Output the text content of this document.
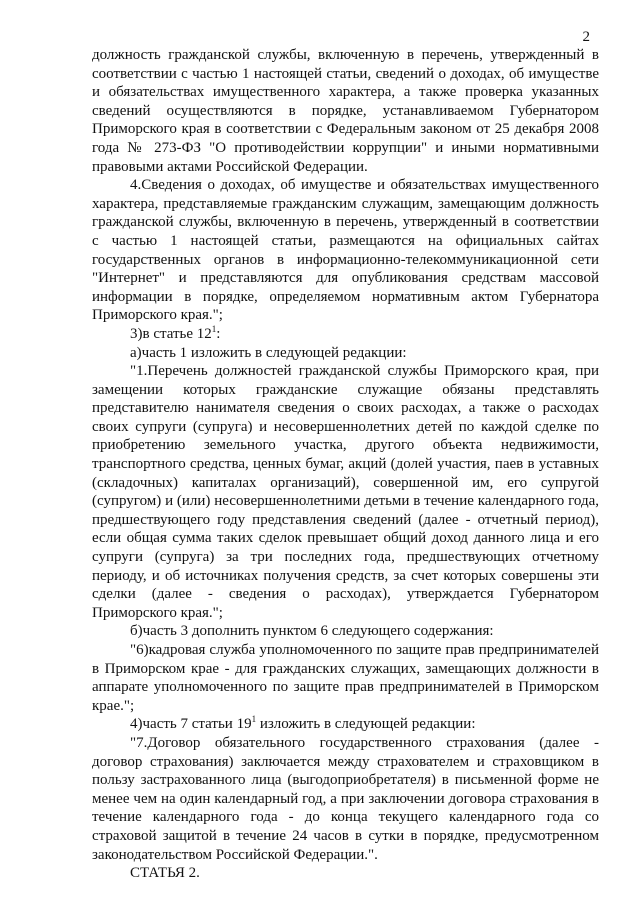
2

должность гражданской службы, включенную в перечень, утвержденный в соответствии с частью 1 настоящей статьи, сведений о доходах, об имуществе и обязательствах имущественного характера, а также проверка указанных сведений осуществляются в порядке, устанавливаемом Губернатором Приморского края в соответствии с Федеральным законом от 25 декабря 2008 года № 273-ФЗ "О противодействии коррупции" и иными нормативными правовыми актами Российской Федерации.

4.Сведения о доходах, об имуществе и обязательствах имущественного характера, представляемые гражданским служащим, замещающим должность гражданской службы, включенную в перечень, утвержденный в соответствии с частью 1 настоящей статьи, размещаются на официальных сайтах государственных органов в информационно-телекоммуникационной сети "Интернет" и представляются для опубликования средствам массовой информации в порядке, определяемом нормативным актом Губернатора Приморского края.";

3)в статье $12^1$:

а)часть 1 изложить в следующей редакции:

"1.Перечень должностей гражданской службы Приморского края, при замещении которых гражданские служащие обязаны представлять представителю нанимателя сведения о своих расходах, а также о расходах своих супруги (супруга) и несовершеннолетних детей по каждой сделке по приобретению земельного участка, другого объекта недвижимости, транспортного средства, ценных бумаг, акций (долей участия, паев в уставных (складочных) капиталах организаций), совершенной им, его супругой (супругом) и (или) несовершеннолетними детьми в течение календарного года, предшествующего году представления сведений (далее - отчетный период), если общая сумма таких сделок превышает общий доход данного лица и его супруги (супруга) за три последних года, предшествующих отчетному периоду, и об источниках получения средств, за счет которых совершены эти сделки (далее - сведения о расходах), утверждается Губернатором Приморского края.";

б)часть 3 дополнить пунктом 6 следующего содержания:

"6)кадровая служба уполномоченного по защите прав предпринимателей в Приморском крае - для гражданских служащих, замещающих должности в аппарате уполномоченного по защите прав предпринимателей в Приморском крае.";

4)часть 7 статьи $19^1$ изложить в следующей редакции:

"7.Договор обязательного государственного страхования (далее - договор страхования) заключается между страхователем и страховщиком в пользу застрахованного лица (выгодоприобретателя) в письменной форме не менее чем на один календарный год, а при заключении договора страхования в течение календарного года - до конца текущего календарного года со страховой защитой в течение 24 часов в сутки в порядке, предусмотренном законодательством Российской Федерации.".

СТАТЬЯ 2.
